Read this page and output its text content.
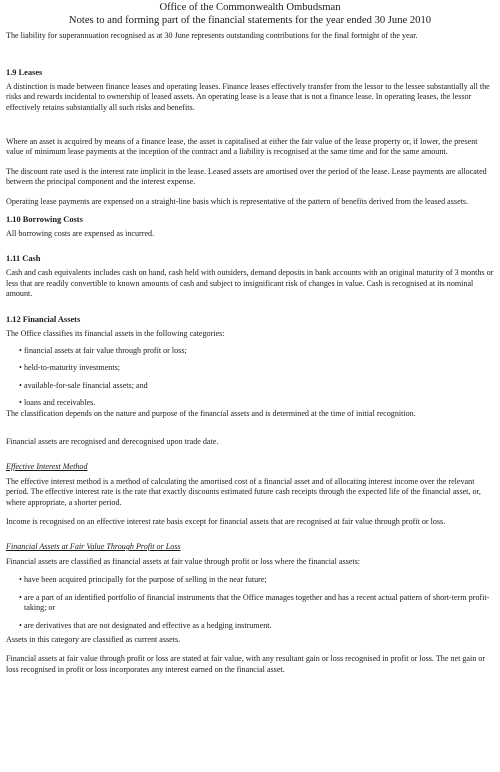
Office of the Commonwealth Ombudsman
Notes to and forming part of the financial statements for the year ended 30 June 2010

The liability for superannuation recognised as at 30 June represents outstanding contributions for the final fortnight of the year.

1.9 Leases

A distinction is made between finance leases and operating leases. Finance leases effectively transfer from the lessor to the lessee substantially all the risks and rewards incidental to ownership of leased assets. An operating lease is a lease that is not a finance lease. In operating leases, the lessor effectively retains substantially all such risks and benefits.

Where an asset is acquired by means of a finance lease, the asset is capitalised at either the fair value of the lease property or, if lower, the present value of minimum lease payments at the inception of the contract and a liability is recognised at the same time and for the same amount.

The discount rate used is the interest rate implicit in the lease. Leased assets are amortised over the period of the lease. Lease payments are allocated between the principal component and the interest expense.

Operating lease payments are expensed on a straight-line basis which is representative of the pattern of benefits derived from the leased assets.

1.10 Borrowing Costs

All borrowing costs are expensed as incurred.

1.11 Cash

Cash and cash equivalents includes cash on hand, cash held with outsiders, demand deposits in bank accounts with an original maturity of 3 months or less that are readily convertible to known amounts of cash and subject to insignificant risk of changes in value. Cash is recognised at its nominal amount.

1.12 Financial Assets

The Office classifies its financial assets in the following categories:

• financial assets at fair value through profit or loss;
• held-to-maturity investments;
• available-for-sale financial assets; and
• loans and receivables.

The classification depends on the nature and purpose of the financial assets and is determined at the time of initial recognition.

Financial assets are recognised and derecognised upon trade date.

Effective Interest Method

The effective interest method is a method of calculating the amortised cost of a financial asset and of allocating interest income over the relevant period. The effective interest rate is the rate that exactly discounts estimated future cash receipts through the expected life of the financial asset, or, where appropriate, a shorter period.

Income is recognised on an effective interest rate basis except for financial assets that are recognised at fair value through profit or loss.

Financial Assets at Fair Value Through Profit or Loss

Financial assets are classified as financial assets at fair value through profit or loss where the financial assets:

• have been acquired principally for the purpose of selling in the near future;
• are a part of an identified portfolio of financial instruments that the Office manages together and has a recent actual pattern of short-term profit-taking; or
• are derivatives that are not designated and effective as a hedging instrument.

Assets in this category are classified as current assets.

Financial assets at fair value through profit or loss are stated at fair value, with any resultant gain or loss recognised in profit or loss. The net gain or loss recognised in profit or loss incorporates any interest earned on the financial asset.
